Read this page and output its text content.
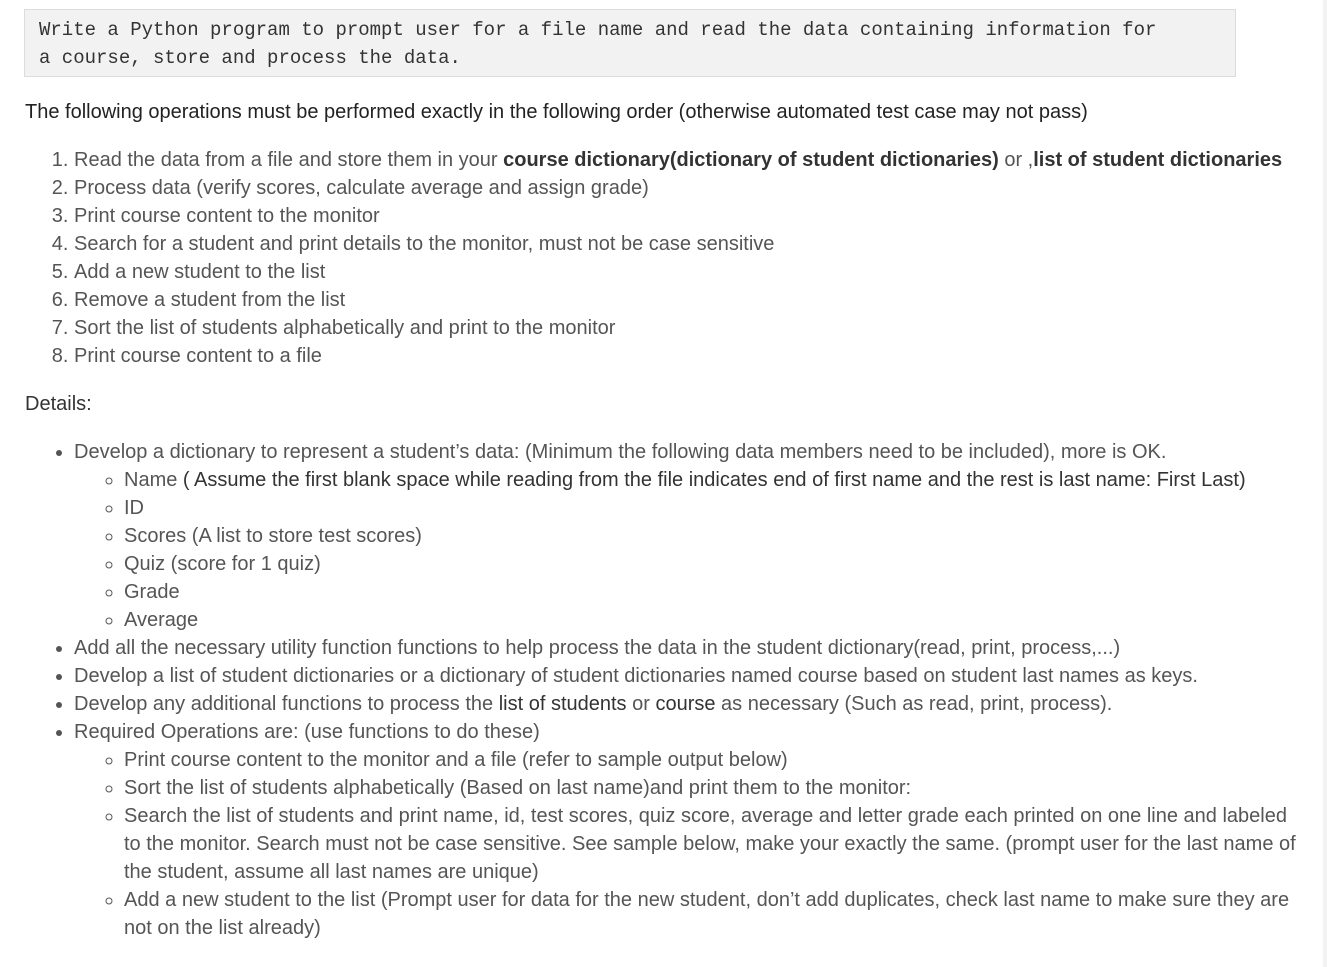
Write a Python program to prompt user for a file name and read the data containing information for
a course, store and process the data.
The following operations must be performed exactly in the following order (otherwise automated test case may not pass)
1. Read the data from a file and store them in your course dictionary(dictionary of student dictionaries) or ,list of student dictionaries
2. Process data (verify scores, calculate average and assign grade)
3. Print course content to the monitor
4. Search for a student and print details to the monitor, must not be case sensitive
5. Add a new student to the list
6. Remove a student from the list
7. Sort the list of students alphabetically and print to the monitor
8. Print course content to a file
Details:
• Develop a dictionary to represent a student’s data: (Minimum the following data members need to be included), more is OK.
◦ Name ( Assume the first blank space while reading from the file indicates end of first name and the rest is last name: First Last)
◦ ID
◦ Scores (A list to store test scores)
◦ Quiz (score for 1 quiz)
◦ Grade
◦ Average
• Add all the necessary utility function functions to help process the data in the student dictionary(read, print, process,...)
• Develop a list of student dictionaries or a dictionary of student dictionaries named course based on student last names as keys.
• Develop any additional functions to process the list of students or course as necessary (Such as read, print, process).
• Required Operations are: (use functions to do these)
◦ Print course content to the monitor and a file (refer to sample output below)
◦ Sort the list of students alphabetically (Based on last name)and print them to the monitor:
◦ Search the list of students and print name, id, test scores, quiz score, average and letter grade each printed on one line and labeled to the monitor. Search must not be case sensitive. See sample below, make your exactly the same. (prompt user for the last name of the student, assume all last names are unique)
◦ Add a new student to the list (Prompt user for data for the new student, don’t add duplicates, check last name to make sure they are not on the list already)
